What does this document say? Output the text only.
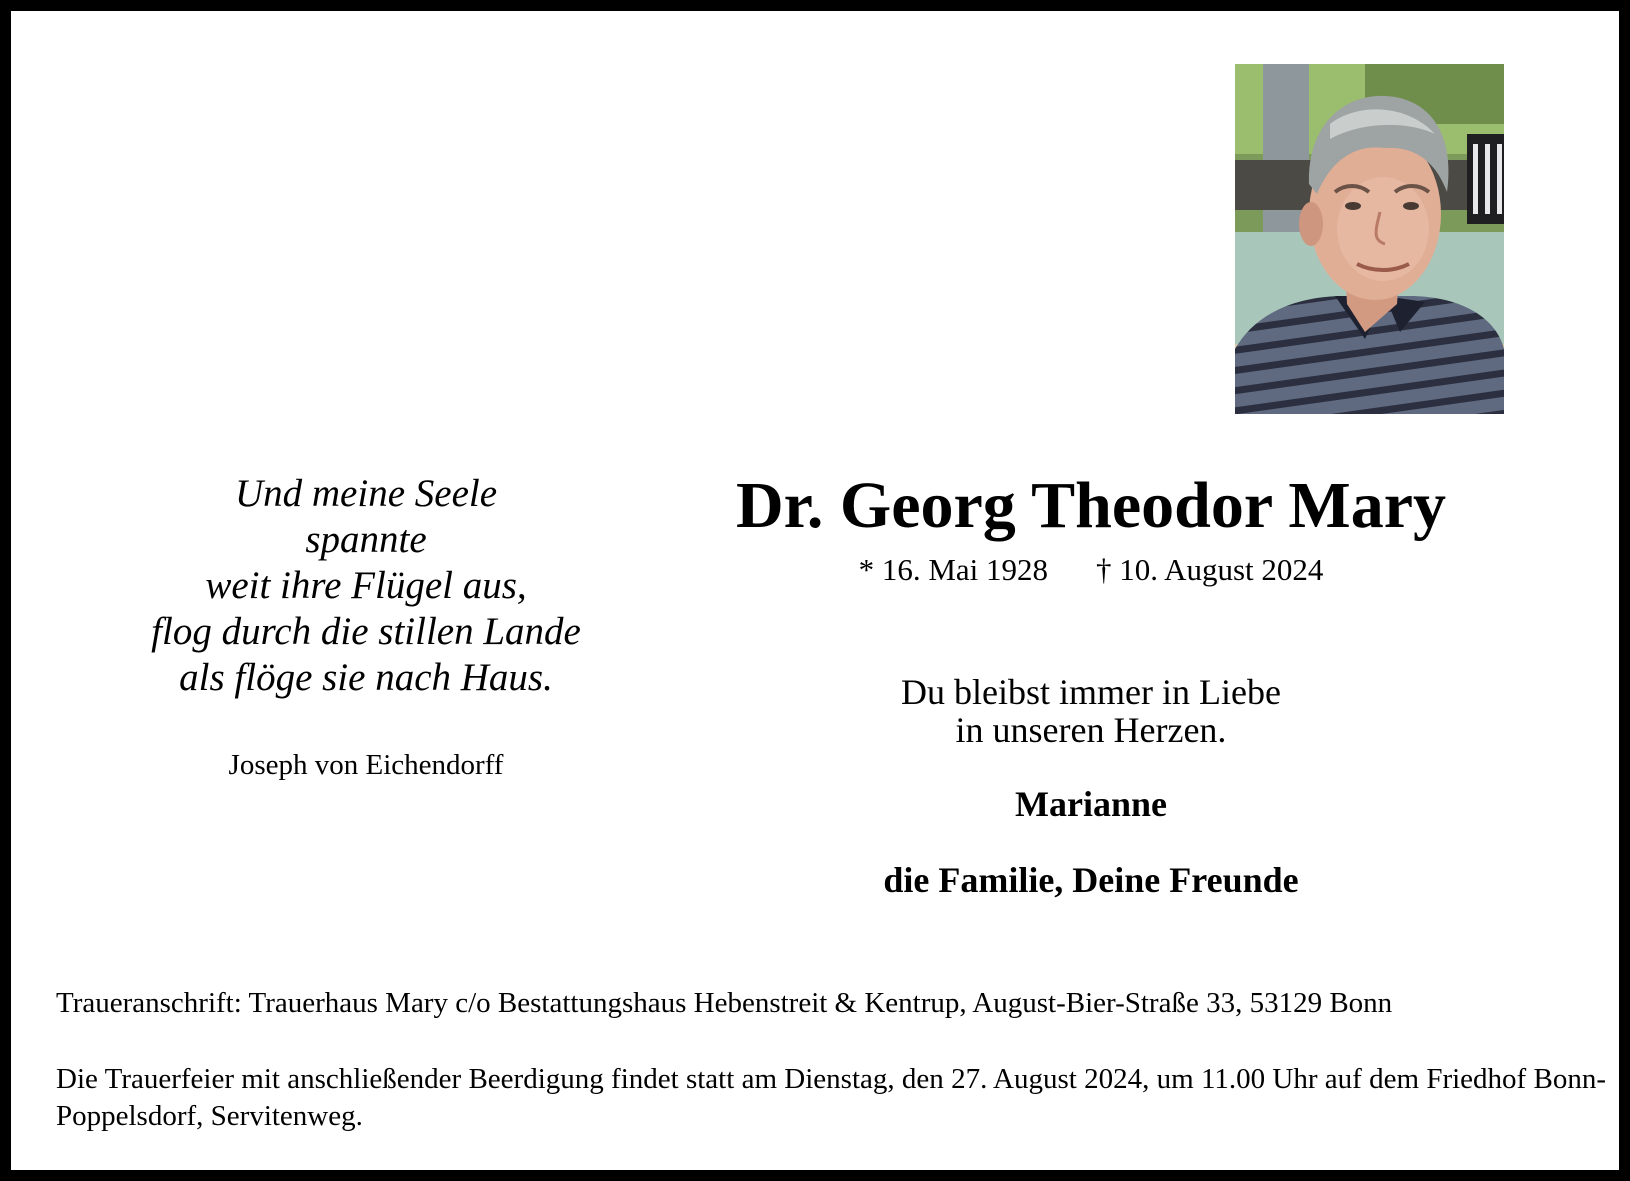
Und meine Seele
spannte
weit ihre Flügel aus,
flog durch die stillen Lande
als flöge sie nach Haus.
Joseph von Eichendorff
Dr. Georg Theodor Mary
* 16. Mai 1928 † 10. August 2024
Du bleibst immer in Liebe
in unseren Herzen.
Marianne
die Familie, Deine Freunde
Traueranschrift: Trauerhaus Mary c/o Bestattungshaus Hebenstreit & Kentrup, August-Bier-Straße 33, 53129 Bonn
Die Trauerfeier mit anschließender Beerdigung findet statt am Dienstag, den 27. August 2024, um 11.00 Uhr auf dem Friedhof Bonn-Poppelsdorf, Servitenweg.
